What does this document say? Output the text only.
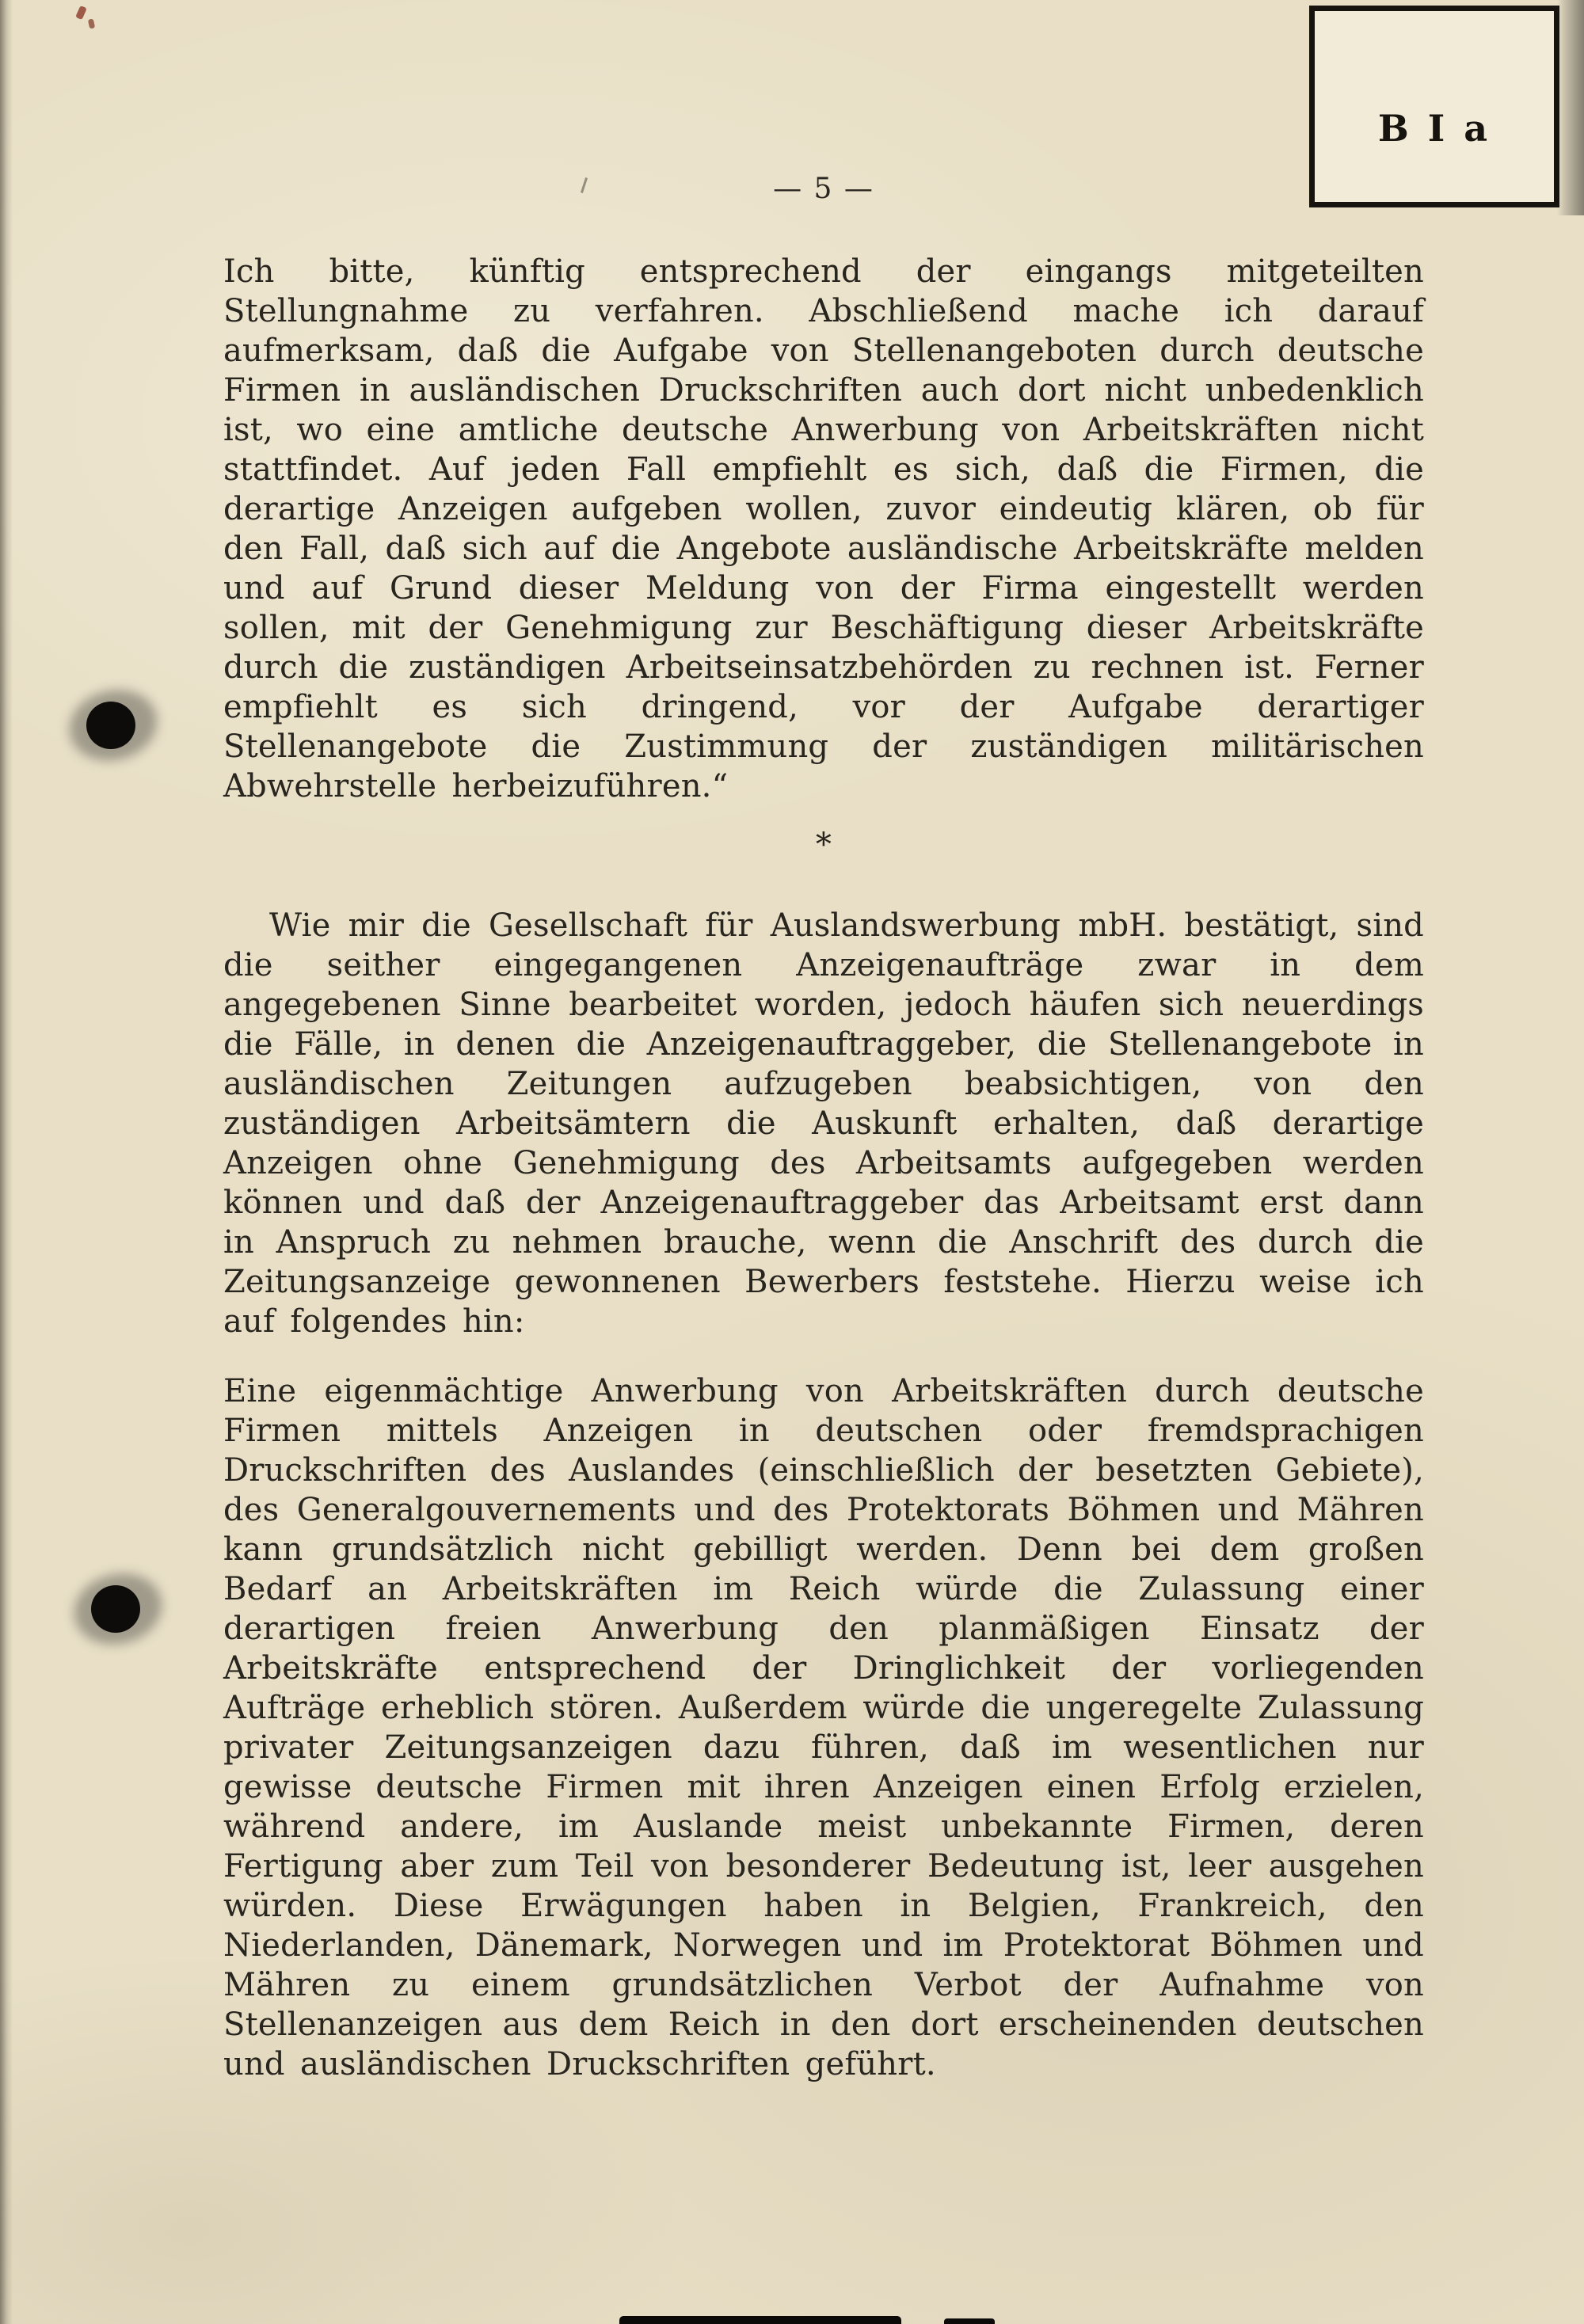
B I a
— 5 —

Ich bitte, künftig entsprechend der eingangs mitgeteilten Stellungnahme zu verfahren. Abschließend mache ich darauf aufmerksam, daß die Aufgabe von Stellenangeboten durch deutsche Firmen in ausländischen Druckschriften auch dort nicht unbedenklich ist, wo eine amtliche deutsche Anwerbung von Arbeitskräften nicht stattfindet. Auf jeden Fall empfiehlt es sich, daß die Firmen, die derartige Anzeigen aufgeben wollen, zuvor eindeutig klären, ob für den Fall, daß sich auf die Angebote ausländische Arbeitskräfte melden und auf Grund dieser Meldung von der Firma eingestellt werden sollen, mit der Genehmigung zur Beschäftigung dieser Arbeitskräfte durch die zuständigen Arbeitseinsatzbehörden zu rechnen ist. Ferner empfiehlt es sich dringend, vor der Aufgabe derartiger Stellenangebote die Zustimmung der zuständigen militärischen Abwehrstelle herbeizuführen.“

*

Wie mir die Gesellschaft für Auslandswerbung mbH. bestätigt, sind die seither eingegangenen Anzeigenaufträge zwar in dem angegebenen Sinne bearbeitet worden, jedoch häufen sich neuerdings die Fälle, in denen die Anzeigenauftraggeber, die Stellenangebote in ausländischen Zeitungen aufzugeben beabsichtigen, von den zuständigen Arbeitsämtern die Auskunft erhalten, daß derartige Anzeigen ohne Genehmigung des Arbeitsamts aufgegeben werden können und daß der Anzeigenauftraggeber das Arbeitsamt erst dann in Anspruch zu nehmen brauche, wenn die Anschrift des durch die Zeitungsanzeige gewonnenen Bewerbers feststehe. Hierzu weise ich auf folgendes hin:

Eine eigenmächtige Anwerbung von Arbeitskräften durch deutsche Firmen mittels Anzeigen in deutschen oder fremdsprachigen Druckschriften des Auslandes (einschließlich der besetzten Gebiete), des Generalgouvernements und des Protektorats Böhmen und Mähren kann grundsätzlich nicht gebilligt werden. Denn bei dem großen Bedarf an Arbeitskräften im Reich würde die Zulassung einer derartigen freien Anwerbung den planmäßigen Einsatz der Arbeitskräfte entsprechend der Dringlichkeit der vorliegenden Aufträge erheblich stören. Außerdem würde die ungeregelte Zulassung privater Zeitungsanzeigen dazu führen, daß im wesentlichen nur gewisse deutsche Firmen mit ihren Anzeigen einen Erfolg erzielen, während andere, im Auslande meist unbekannte Firmen, deren Fertigung aber zum Teil von besonderer Bedeutung ist, leer ausgehen würden. Diese Erwägungen haben in Belgien, Frankreich, den Niederlanden, Dänemark, Norwegen und im Protektorat Böhmen und Mähren zu einem grundsätzlichen Verbot der Aufnahme von Stellenanzeigen aus dem Reich in den dort erscheinenden deutschen und ausländischen Druckschriften geführt.
